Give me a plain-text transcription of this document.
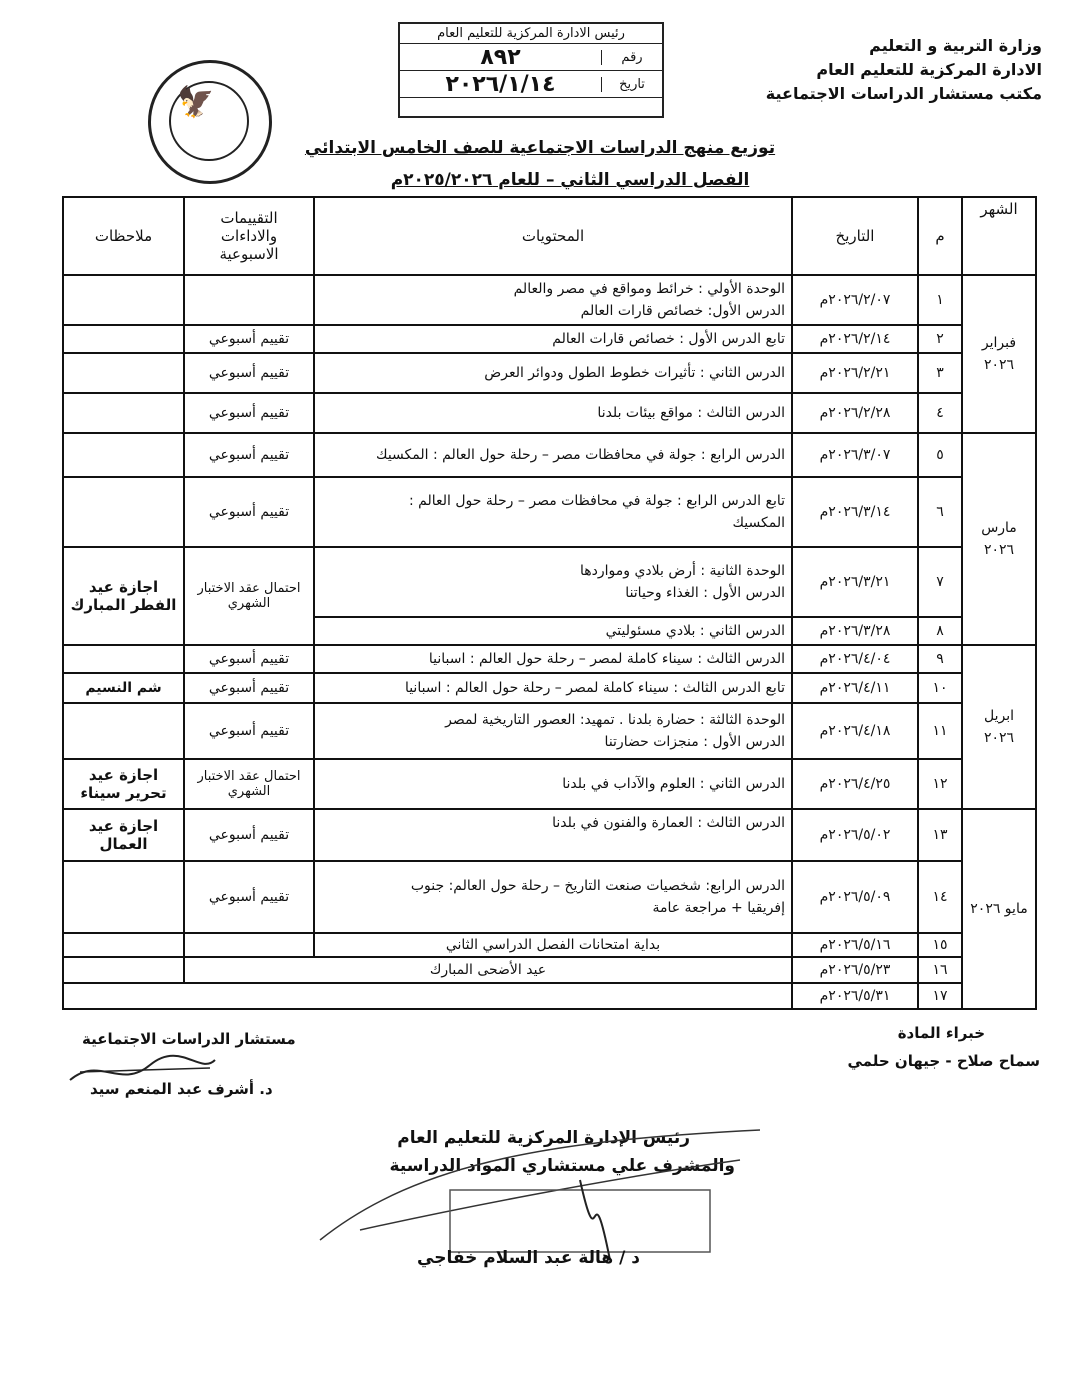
وزارة التربية و التعليم
الادارة المركزية للتعليم العام
مكتب مستشار الدراسات الاجتماعية
🦅
رئيس الادارة المركزية للتعليم العام
رقم
٨٩٢
تاريخ
٢٠٢٦/١/١٤
توزيع منهج الدراسات الاجتماعية للصف الخامس الابتدائي
الفصل الدراسي الثاني – للعام ٢٠٢٥/٢٠٢٦م
الشهر	م	التاريخ	المحتويات	التقييمات والاداءات الاسبوعية	ملاحظات
فبراير ٢٠٢٦	١	٢٠٢٦/٢/٠٧م	الوحدة الأولي : خرائط ومواقع في مصر والعالم
الدرس الأول: خصائص قارات العالم		

	٢	٢٠٢٦/٢/١٤م	تابع الدرس الأول : خصائص قارات العالم	تقييم أسبوعي	
	٣	٢٠٢٦/٢/٢١م	الدرس الثاني : تأثيرات خطوط الطول ودوائر العرض	تقييم أسبوعي	
	٤	٢٠٢٦/٢/٢٨م	الدرس الثالث : مواقع بيئات بلدنا	تقييم أسبوعي	
مارس ٢٠٢٦	٥	٢٠٢٦/٣/٠٧م	الدرس الرابع : جولة في محافظات مصر – رحلة حول العالم : المكسيك	تقييم أسبوعي	
	٦	٢٠٢٦/٣/١٤م	تابع الدرس الرابع : جولة في محافظات مصر – رحلة حول العالم :
المكسيك	تقييم أسبوعي	
	٧	٢٠٢٦/٣/٢١م	الوحدة الثانية : أرض بلادي ومواردها
الدرس الأول : الغذاء وحياتنا	احتمال عقد الاختبار الشهري	اجازة عيد الفطر المبارك
	٨	٢٠٢٦/٣/٢٨م	الدرس الثاني : بلادي مسئوليتي		

ابريل ٢٠٢٦	٩	٢٠٢٦/٤/٠٤م	الدرس الثالث : سيناء كاملة لمصر – رحلة حول العالم : اسبانيا	تقييم أسبوعي	
	١٠	٢٠٢٦/٤/١١م	تابع الدرس الثالث : سيناء كاملة لمصر – رحلة حول العالم : اسبانيا	تقييم أسبوعي	شم النسيم
	١١	٢٠٢٦/٤/١٨م	الوحدة الثالثة : حضارة بلدنا . تمهيد: العصور التاريخية لمصر
الدرس الأول : منجزات حضارتنا	تقييم أسبوعي	
	١٢	٢٠٢٦/٤/٢٥م	الدرس الثاني : العلوم والآداب في بلدنا	احتمال عقد الاختبار الشهري	اجازة عيد تحرير سيناء
مايو ٢٠٢٦	١٣	٢٠٢٦/٥/٠٢م	الدرس الثالث : العمارة والفنون في بلدنا	تقييم أسبوعي	اجازة عيد العمال
	١٤	٢٠٢٦/٥/٠٩م	الدرس الرابع: شخصيات صنعت التاريخ – رحلة حول العالم: جنوب
إفريقيا + مراجعة عامة	تقييم أسبوعي	
	١٥	٢٠٢٦/٥/١٦م	بداية امتحانات الفصل الدراسي الثاني		
	١٦	٢٠٢٦/٥/٢٣م	عيد الأضحى المبارك		
	١٧	٢٠٢٦/٥/٣١م			
خبراء المادة
سماح صلاح - جيهان حلمي
مستشار الدراسات الاجتماعية
د. أشرف عبد المنعم سيد
رئيس الإدارة المركزية للتعليم العام
والمشرف علي مستشاري المواد الدراسية
د / هالة عبد السلام خفاجي
